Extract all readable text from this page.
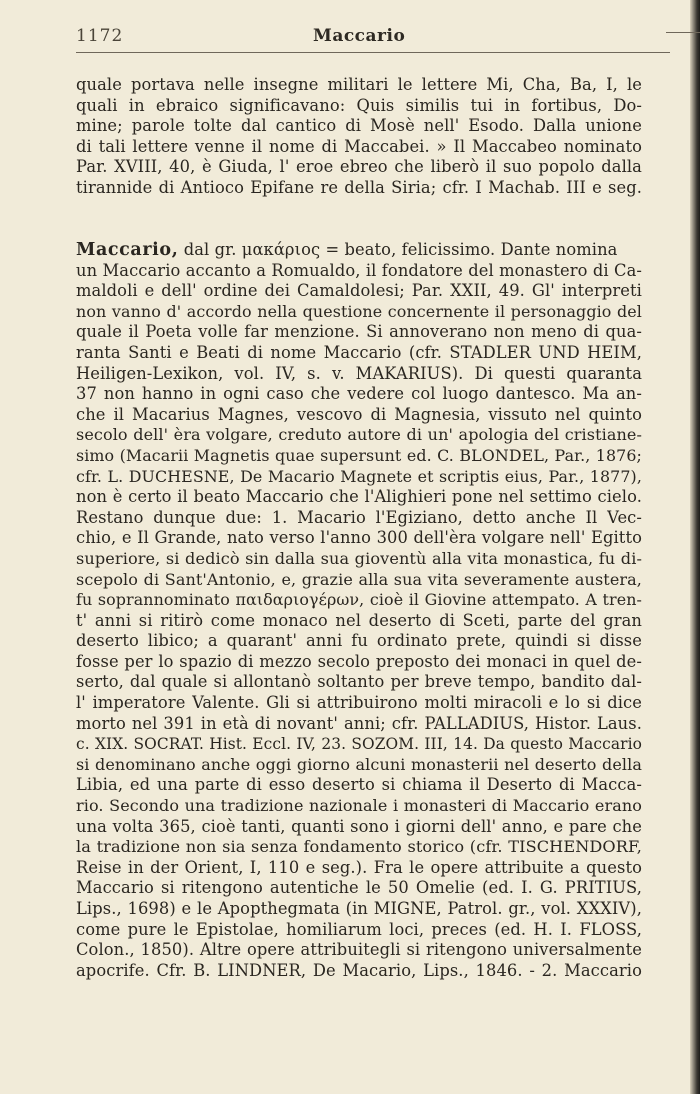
1172	Maccario
quale portava nelle insegne militari le lettere Mi, Cha, Ba, I, le
quali in ebraico significavano: Quis similis tui in fortibus, Do-
mine; parole tolte dal cantico di Mosè nell' Esodo. Dalla unione
di tali lettere venne il nome di Maccabei. » Il Maccabeo nominato
Par. XVIII, 40, è Giuda, l' eroe ebreo che liberò il suo popolo dalla
tirannide di Antioco Epifane re della Siria; cfr. I Machab. III e seg.
Maccario, dal gr. μακάριος = beato, felicissimo. Dante nomina
un Maccario accanto a Romualdo, il fondatore del monastero di Ca-
maldoli e dell' ordine dei Camaldolesi; Par. XXII, 49. Gl' interpreti
non vanno d' accordo nella questione concernente il personaggio del
quale il Poeta volle far menzione. Si annoverano non meno di qua-
ranta Santi e Beati di nome Maccario (cfr. STADLER UND HEIM,
Heiligen-Lexikon, vol. IV, s. v. MAKARIUS). Di questi quaranta
37 non hanno in ogni caso che vedere col luogo dantesco. Ma an-
che il Macarius Magnes, vescovo di Magnesia, vissuto nel quinto
secolo dell' èra volgare, creduto autore di un' apologia del cristiane-
simo (Macarii Magnetis quae supersunt ed. C. BLONDEL, Par., 1876;
cfr. L. DUCHESNE, De Macario Magnete et scriptis eius, Par., 1877),
non è certo il beato Maccario che l'Alighieri pone nel settimo cielo.
Restano dunque due: 1. Macario l'Egiziano, detto anche Il Vec-
chio, e Il Grande, nato verso l'anno 300 dell'èra volgare nell' Egitto
superiore, si dedicò sin dalla sua gioventù alla vita monastica, fu di-
scepolo di Sant'Antonio, e, grazie alla sua vita severamente austera,
fu soprannominato παιδαριογέρων, cioè il Giovine attempato. A tren-
t' anni si ritirò come monaco nel deserto di Sceti, parte del gran
deserto libico; a quarant' anni fu ordinato prete, quindi si disse
fosse per lo spazio di mezzo secolo preposto dei monaci in quel de-
serto, dal quale si allontanò soltanto per breve tempo, bandito dal-
l' imperatore Valente. Gli si attribuirono molti miracoli e lo si dice
morto nel 391 in età di novant' anni; cfr. PALLADIUS, Histor. Laus.
c. XIX. SOCRAT. Hist. Eccl. IV, 23. SOZOM. III, 14. Da questo Maccario
si denominano anche oggi giorno alcuni monasterii nel deserto della
Libia, ed una parte di esso deserto si chiama il Deserto di Macca-
rio. Secondo una tradizione nazionale i monasteri di Maccario erano
una volta 365, cioè tanti, quanti sono i giorni dell' anno, e pare che
la tradizione non sia senza fondamento storico (cfr. TISCHENDORF,
Reise in der Orient, I, 110 e seg.). Fra le opere attribuite a questo
Maccario si ritengono autentiche le 50 Omelie (ed. I. G. PRITIUS,
Lips., 1698) e le Apopthegmata (in MIGNE, Patrol. gr., vol. XXXIV),
come pure le Epistolae, homiliarum loci, preces (ed. H. I. FLOSS,
Colon., 1850). Altre opere attribuitegli si ritengono universalmente
apocrife. Cfr. B. LINDNER, De Macario, Lips., 1846. - 2. Maccario
